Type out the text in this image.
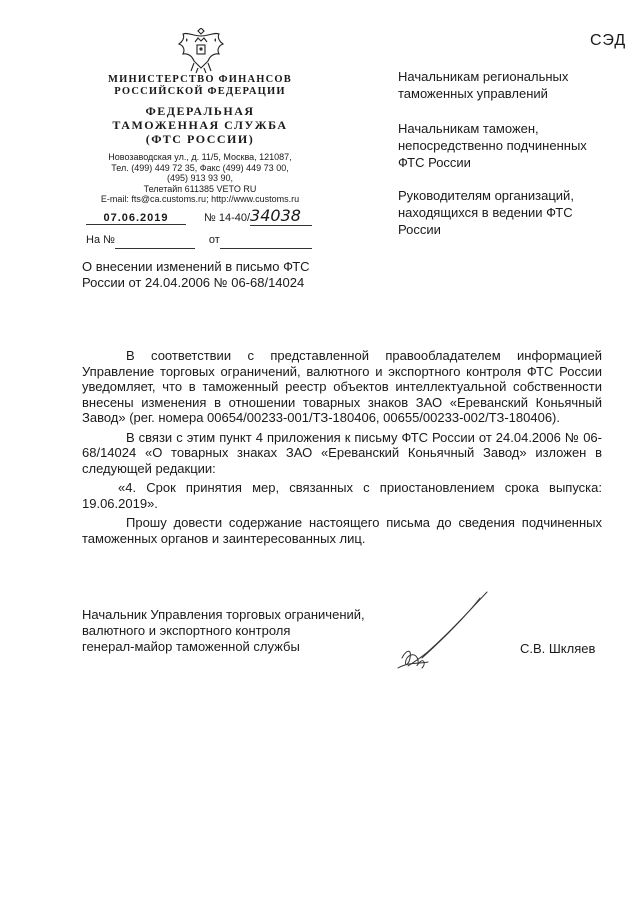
СЭД
МИНИСТЕРСТВО ФИНАНСОВ
РОССИЙСКОЙ ФЕДЕРАЦИИ
ФЕДЕРАЛЬНАЯ
ТАМОЖЕННАЯ СЛУЖБА
(ФТС РОССИИ)
Новозаводская ул., д. 11/5, Москва, 121087,
Тел. (499) 449 72 35, Факс (499) 449 73 00,
(495) 913 93 90,
Телетайп 611385 VETO RU
E-mail: fts@ca.customs.ru; http://www.customs.ru
07.06.2019	№ 14-40/34038
На №	от
Начальникам региональных таможенных управлений
Начальникам таможен, непосредственно подчиненных ФТС России
Руководителям организаций, находящихся в ведении ФТС России
О внесении изменений в письмо ФТС России от 24.04.2006 № 06-68/14024

В соответствии с представленной правообладателем информацией Управление торговых ограничений, валютного и экспортного контроля ФТС России уведомляет, что в таможенный реестр объектов интеллектуальной собственности внесены изменения в отношении товарных знаков ЗАО «Ереванский Коньячный Завод» (рег. номера 00654/00233-001/ТЗ-180406, 00655/00233-002/ТЗ-180406).

В связи с этим пункт 4 приложения к письму ФТС России от 24.04.2006 № 06-68/14024 «О товарных знаках ЗАО «Ереванский Коньячный Завод» изложен в следующей редакции:

«4. Срок принятия мер, связанных с приостановлением срока выпуска: 19.06.2019».

Прошу довести содержание настоящего письма до сведения подчиненных таможенных органов и заинтересованных лиц.

Начальник Управления торговых ограничений,
валютного и экспортного контроля
генерал-майор таможенной службы	С.В. Шкляев
